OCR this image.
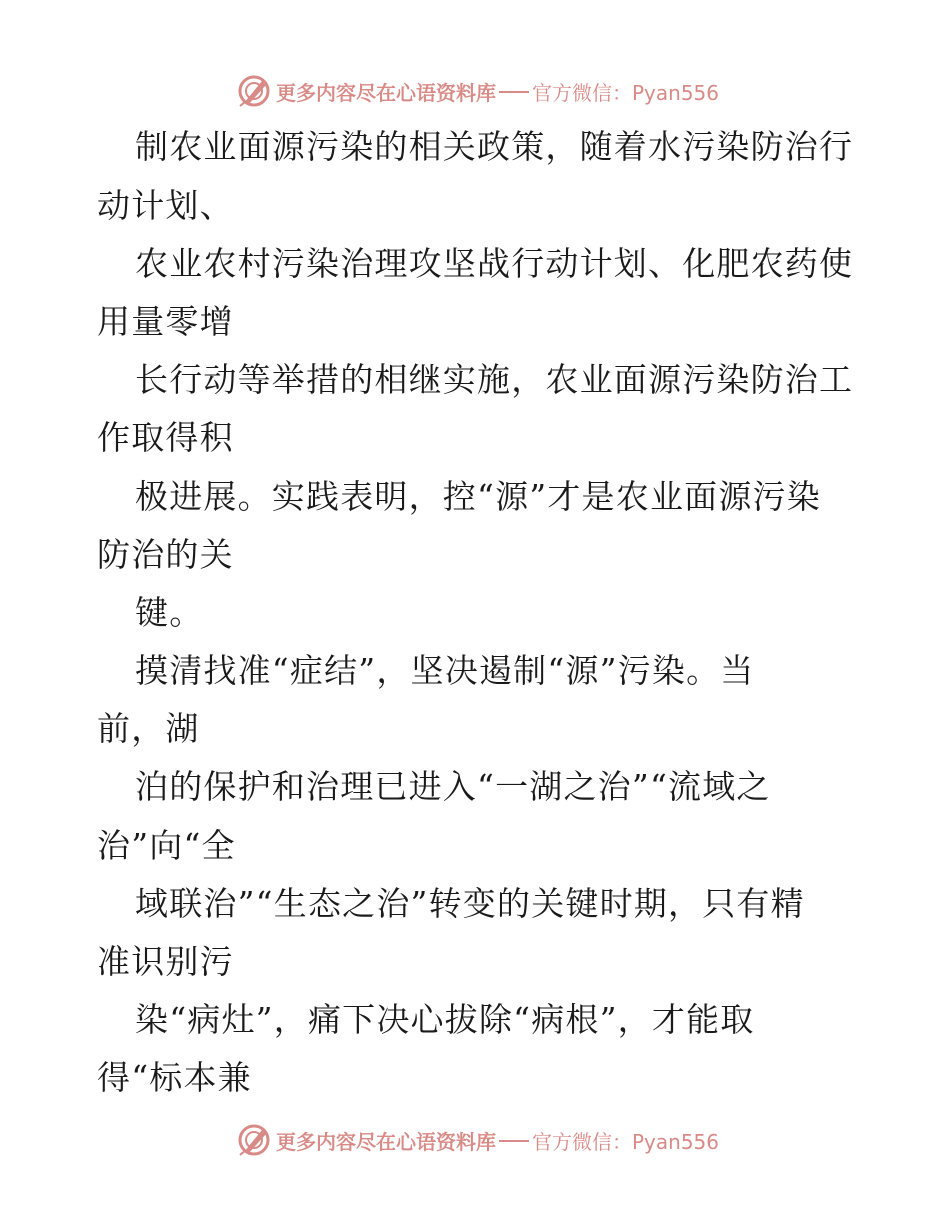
更多内容尽在心语资料库 官方微信：Pyan556
制农业面源污染的相关政策，随着水污染防治行
动计划、
农业农村污染治理攻坚战行动计划、化肥农药使
用量零增
长行动等举措的相继实施，农业面源污染防治工
作取得积
极进展。实践表明，控“源”才是农业面源污染
防治的关
键。
摸清找准“症结”，坚决遏制“源”污染。当
前，湖
泊的保护和治理已进入“一湖之治”“流域之
治”向“全
域联治”“生态之治”转变的关键时期，只有精
准识别污
染“病灶”，痛下决心拔除“病根”，才能取
得“标本兼
更多内容尽在心语资料库 官方微信：Pyan556
